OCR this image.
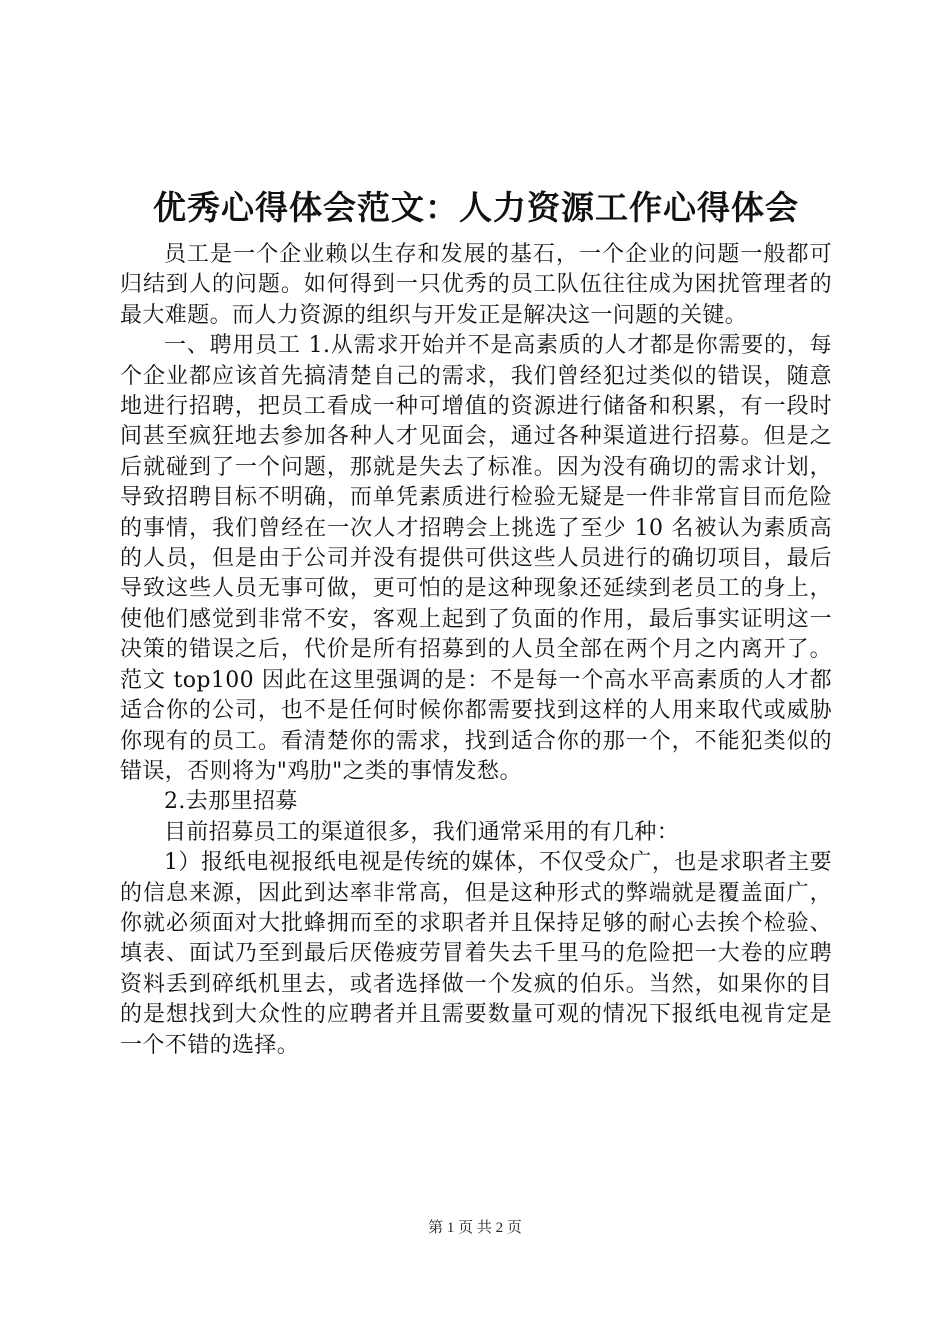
优秀心得体会范文：人力资源工作心得体会

员工是一个企业赖以生存和发展的基石，一个企业的问题一般都可归结到人的问题。如何得到一只优秀的员工队伍往往成为困扰管理者的最大难题。而人力资源的组织与开发正是解决这一问题的关键。

一、聘用员工 1.从需求开始并不是高素质的人才都是你需要的，每个企业都应该首先搞清楚自己的需求，我们曾经犯过类似的错误，随意地进行招聘，把员工看成一种可增值的资源进行储备和积累，有一段时间甚至疯狂地去参加各种人才见面会，通过各种渠道进行招募。但是之后就碰到了一个问题，那就是失去了标准。因为没有确切的需求计划，导致招聘目标不明确，而单凭素质进行检验无疑是一件非常盲目而危险的事情，我们曾经在一次人才招聘会上挑选了至少 10 名被认为素质高的人员，但是由于公司并没有提供可供这些人员进行的确切项目，最后导致这些人员无事可做，更可怕的是这种现象还延续到老员工的身上，使他们感觉到非常不安，客观上起到了负面的作用，最后事实证明这一决策的错误之后，代价是所有招募到的人员全部在两个月之内离开了。范文 top100 因此在这里强调的是：不是每一个高水平高素质的人才都适合你的公司，也不是任何时候你都需要找到这样的人用来取代或威胁你现有的员工。看清楚你的需求，找到适合你的那一个，不能犯类似的错误，否则将为"鸡肋"之类的事情发愁。

2.去那里招募

目前招募员工的渠道很多，我们通常采用的有几种：

1）报纸电视报纸电视是传统的媒体，不仅受众广，也是求职者主要的信息来源，因此到达率非常高，但是这种形式的弊端就是覆盖面广，你就必须面对大批蜂拥而至的求职者并且保持足够的耐心去挨个检验、填表、面试乃至到最后厌倦疲劳冒着失去千里马的危险把一大卷的应聘资料丢到碎纸机里去，或者选择做一个发疯的伯乐。当然，如果你的目的是想找到大众性的应聘者并且需要数量可观的情况下报纸电视肯定是一个不错的选择。

第 1 页 共 2 页
